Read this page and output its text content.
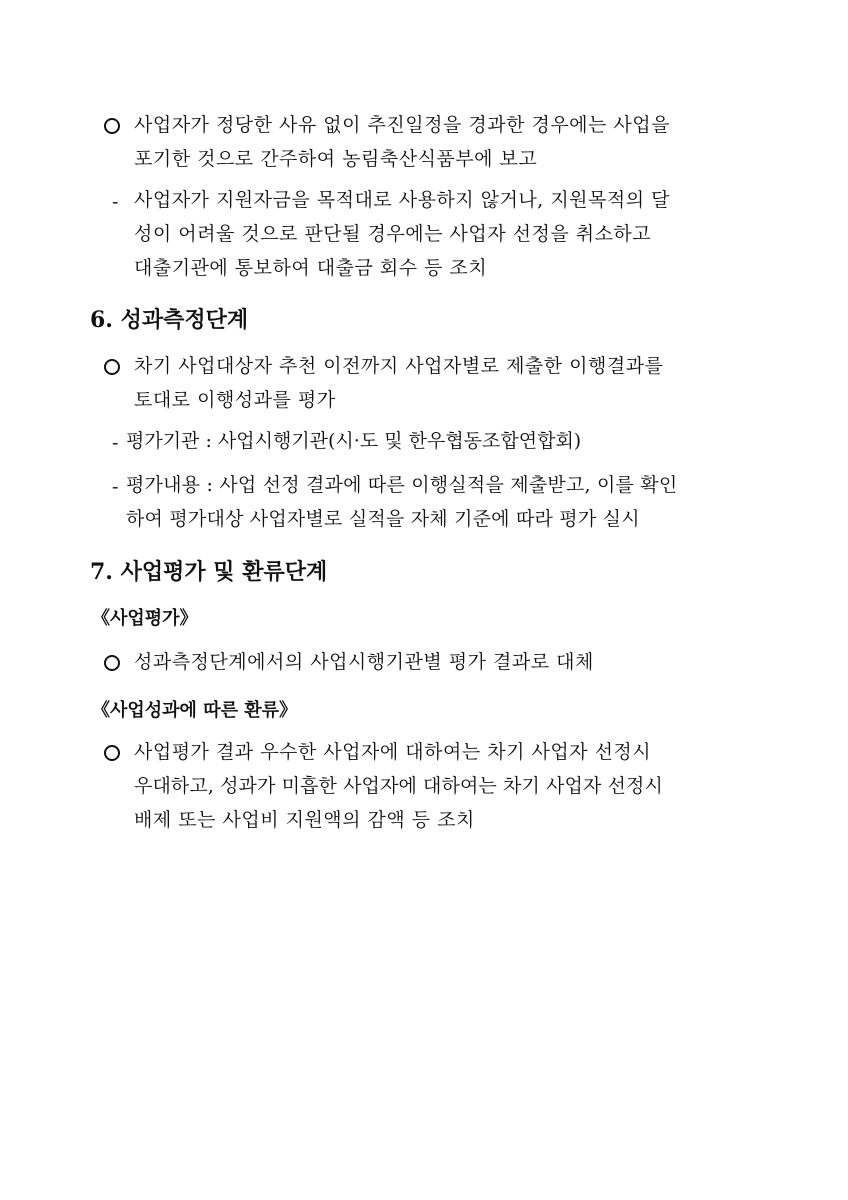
사업자가 정당한 사유 없이 추진일정을 경과한 경우에는 사업을
포기한 것으로 간주하여 농림축산식품부에 보고
- 사업자가 지원자금을 목적대로 사용하지 않거나, 지원목적의 달
성이 어려울 것으로 판단될 경우에는 사업자 선정을 취소하고
대출기관에 통보하여 대출금 회수 등 조치
6. 성과측정단계
차기 사업대상자 추천 이전까지 사업자별로 제출한 이행결과를
토대로 이행성과를 평가
- 평가기관 : 사업시행기관(시·도 및 한우협동조합연합회)
- 평가내용 : 사업 선정 결과에 따른 이행실적을 제출받고, 이를 확인
하여 평가대상 사업자별로 실적을 자체 기준에 따라 평가 실시
7. 사업평가 및 환류단계
《사업평가》
성과측정단계에서의 사업시행기관별 평가 결과로 대체
《사업성과에 따른 환류》
사업평가 결과 우수한 사업자에 대하여는 차기 사업자 선정시
우대하고, 성과가 미흡한 사업자에 대하여는 차기 사업자 선정시
배제 또는 사업비 지원액의 감액 등 조치
